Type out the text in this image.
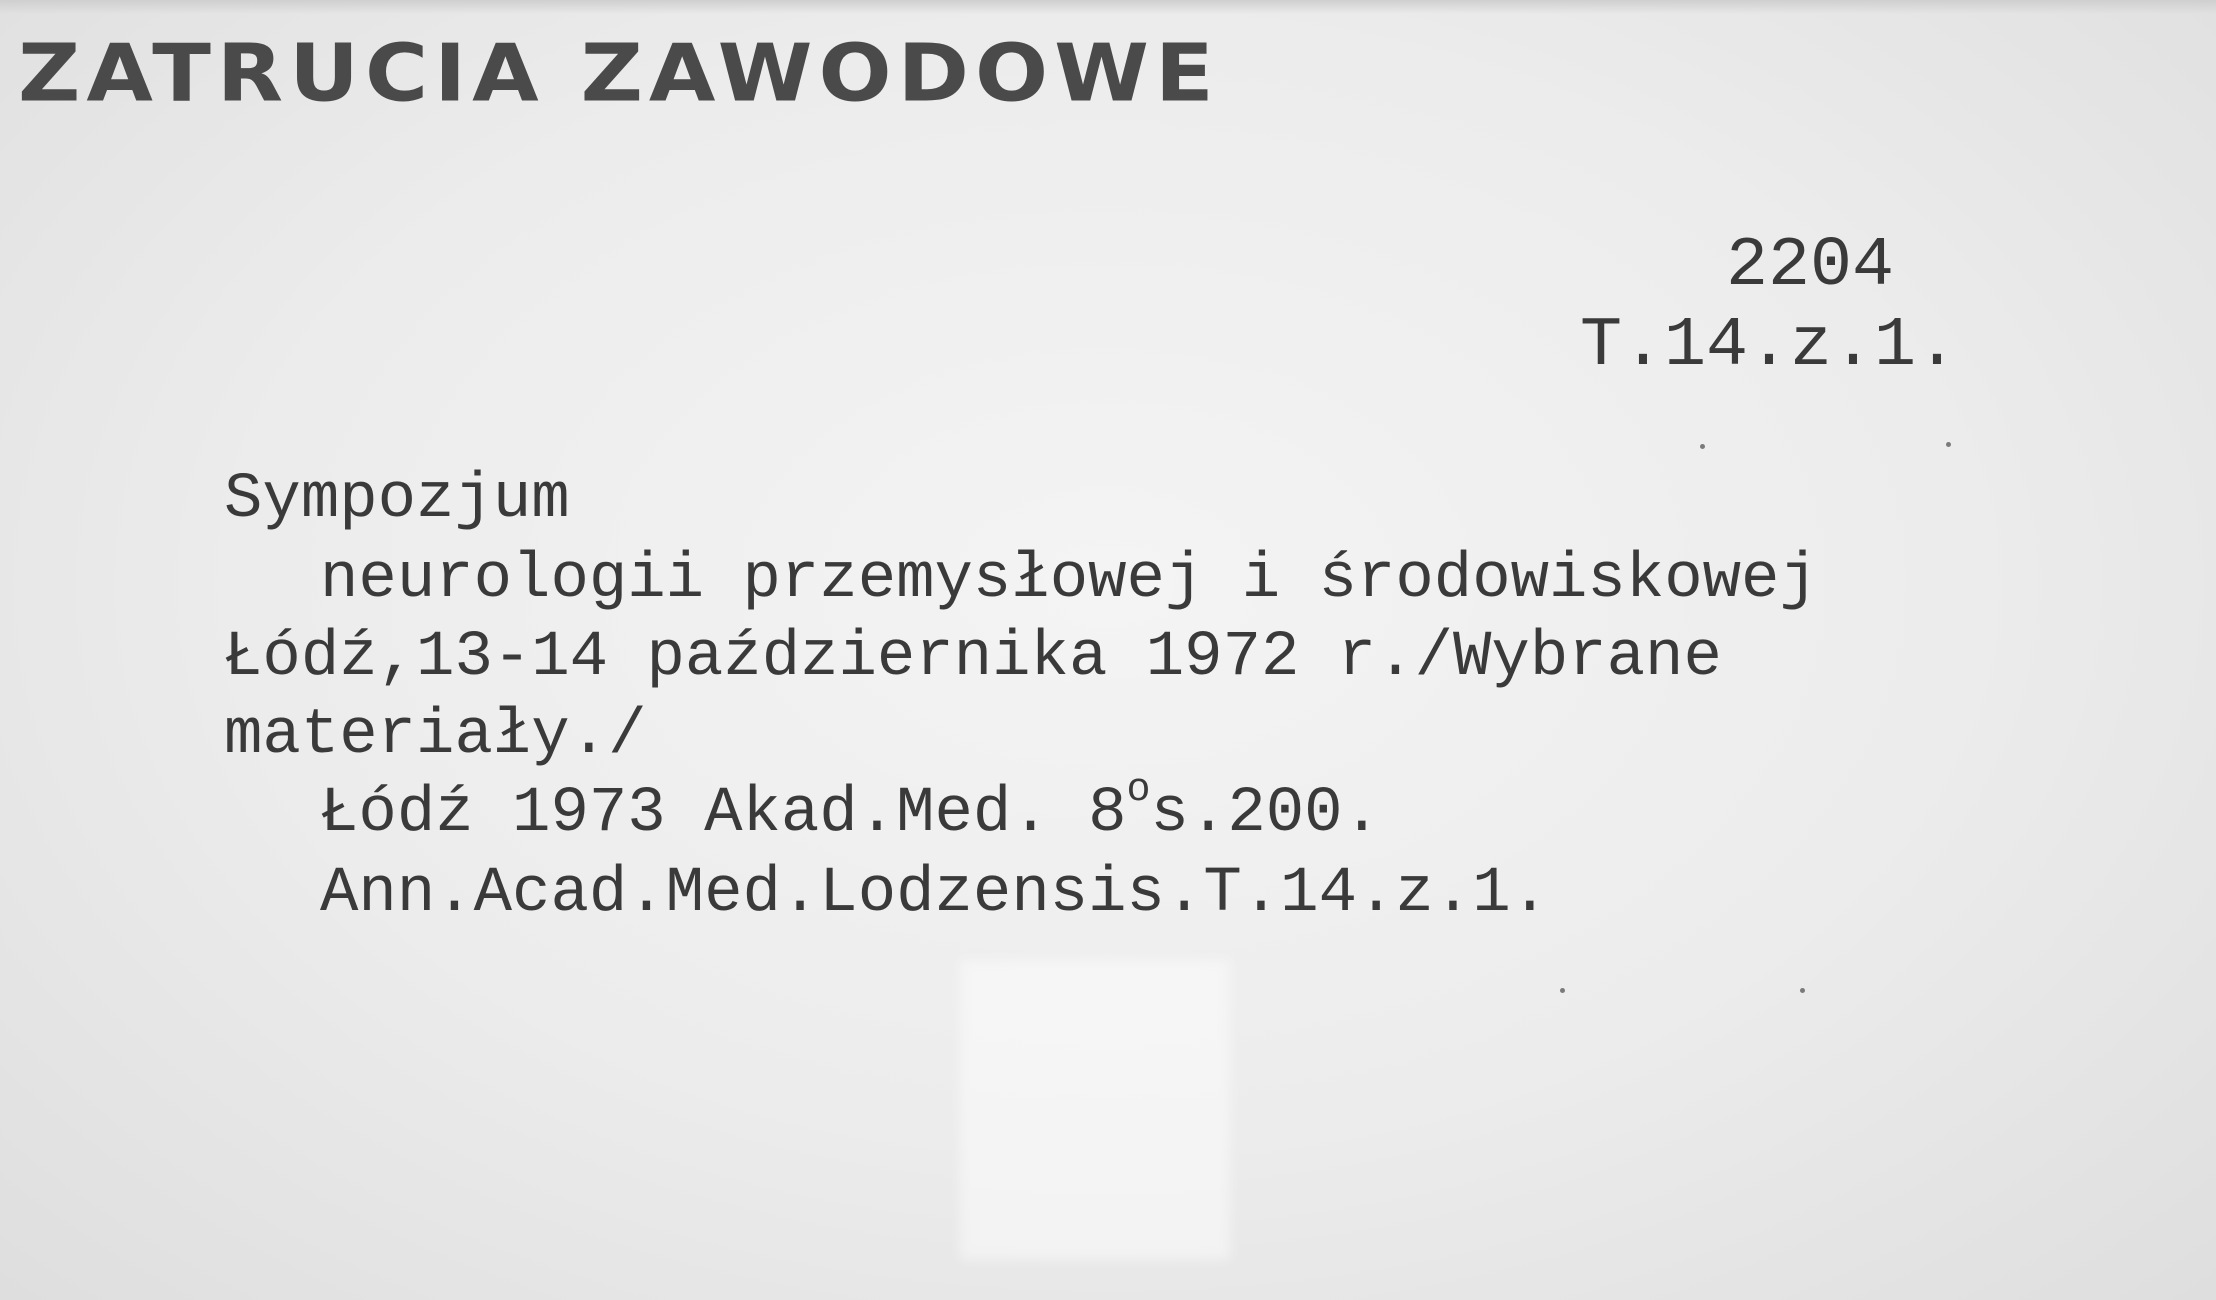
ZATRUCIA ZAWODOWE
2204
T.14.z.1.
Sympozjum
neurologii przemysłowej i środowiskowej
Łódź,13-14 października 1972 r./Wybrane
materiały./
Łódź 1973 Akad.Med. 8$^o$s.200.
Ann.Acad.Med.Lodzensis.T.14.z.1.
